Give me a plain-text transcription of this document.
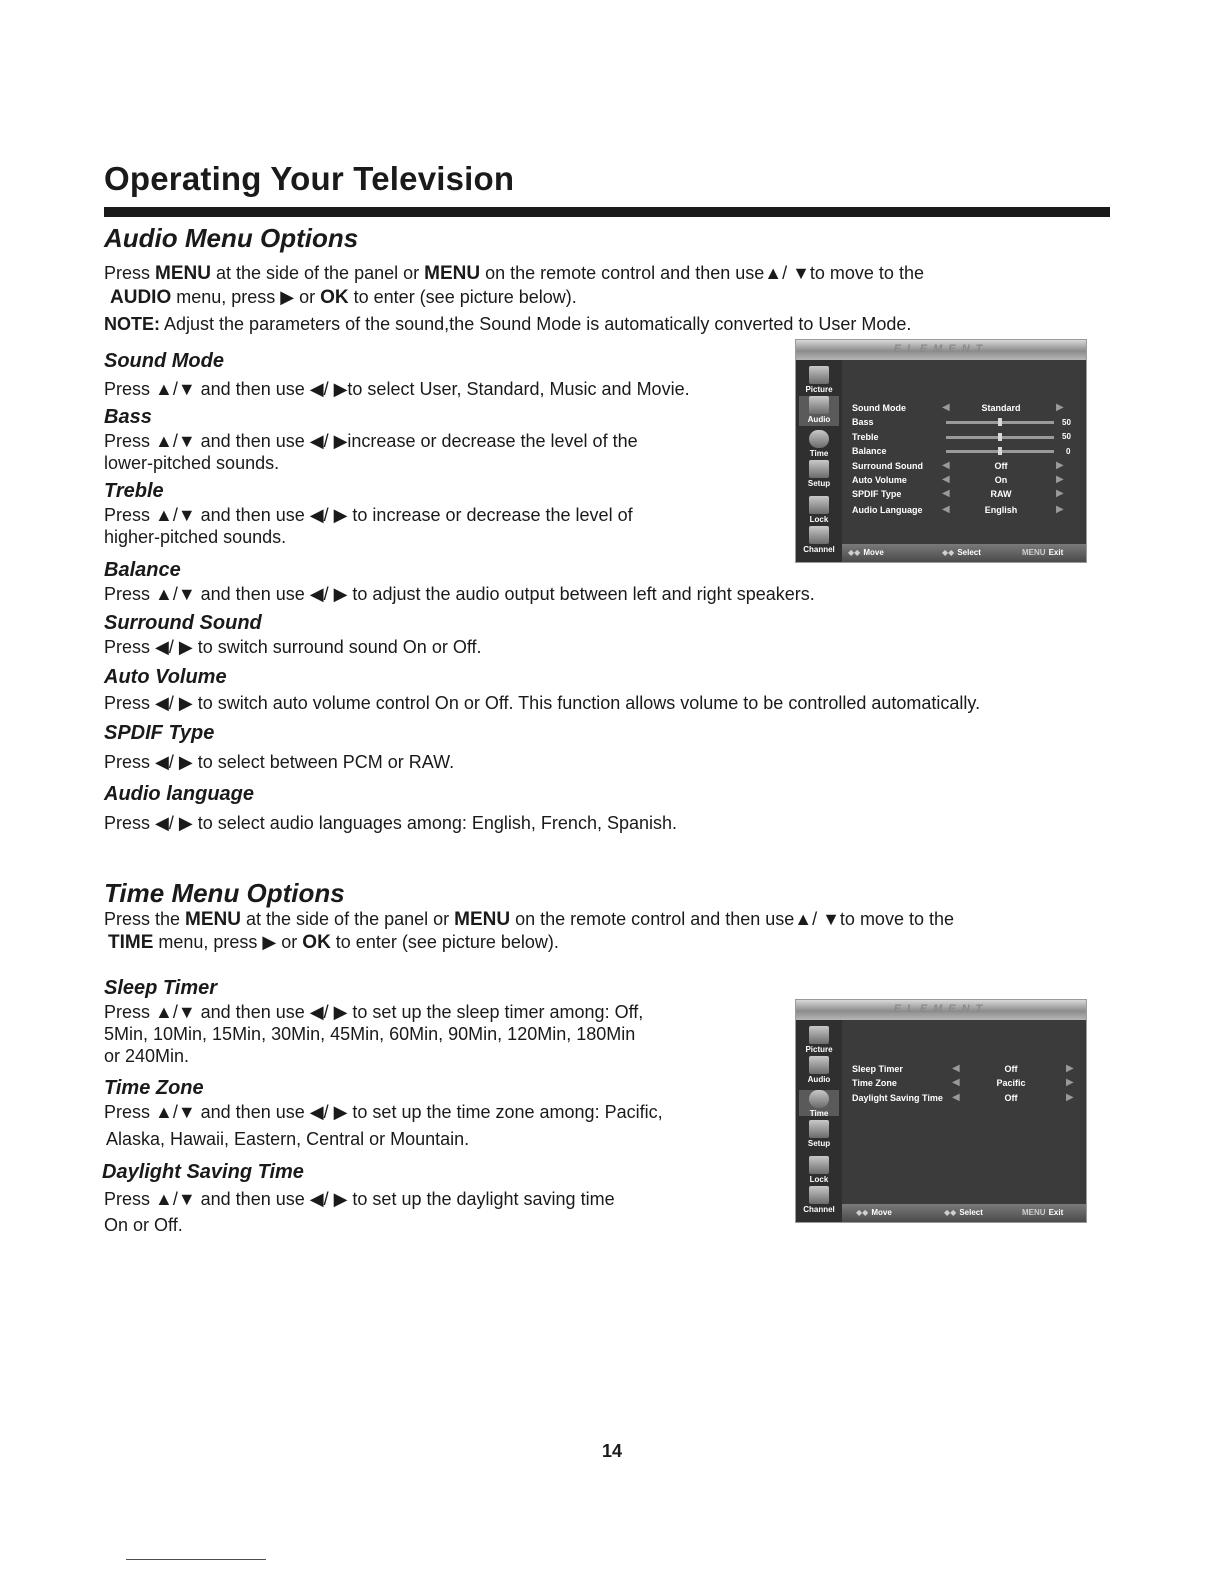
Operating Your Television
Audio Menu Options
Press MENU at the side of the panel or MENU on the remote control and then use▲/ ▼to move to the
AUDIO menu, press ▶ or OK to enter (see picture below).
NOTE: Adjust the parameters of the sound,the Sound Mode is automatically converted to User Mode.
Sound Mode
Press ▲/▼ and then use ◀/ ▶to select User, Standard, Music and Movie.
Bass
Press ▲/▼ and then use ◀/ ▶increase or decrease the level of the
lower-pitched sounds.
Treble
Press ▲/▼ and then use ◀/ ▶ to increase or decrease the level of
higher-pitched sounds.
Balance
Press ▲/▼ and then use ◀/ ▶ to adjust the audio output between left and right speakers.
Surround Sound
Press ◀/ ▶ to switch surround sound On or Off.
Auto Volume
Press ◀/ ▶ to switch auto volume control On or Off. This function allows volume to be controlled automatically.
SPDIF Type
Press ◀/ ▶ to select between PCM or RAW.
Audio language
Press ◀/ ▶ to select audio languages among: English, French, Spanish.
ELEMENT
Picture
Audio
Time
Setup
Lock
Channel
Sound Mode	◀	Standard	▶
Bass	50
Treble	50
Balance	0
Surround Sound ◀	Off	▶
Auto Volume	◀	On	▶
SPDIF Type	◀	RAW	▶
Audio Language ◀	English	▶
◆◆ Move	◆◆ Select	MENU Exit
Time Menu Options
Press the MENU at the side of the panel or MENU on the remote control and then use▲/ ▼to move to the
TIME menu, press ▶ or OK to enter (see picture below).
Sleep Timer
Press ▲/▼ and then use ◀/ ▶ to set up the sleep timer among: Off,
5Min, 10Min, 15Min, 30Min, 45Min, 60Min, 90Min, 120Min, 180Min
or 240Min.
Time Zone
Press ▲/▼ and then use ◀/ ▶ to set up the time zone among: Pacific,
Alaska, Hawaii, Eastern, Central or Mountain.
Daylight Saving Time
Press ▲/▼ and then use ◀/ ▶ to set up the daylight saving time
On or Off.
ELEMENT
Picture
Audio
Time
Setup
Lock
Channel
Sleep Timer	◀	Off	▶
Time Zone	◀	Pacific	▶
Daylight Saving Time ◀	Off	▶
◆◆ Move	◆◆ Select	MENU Exit
14
